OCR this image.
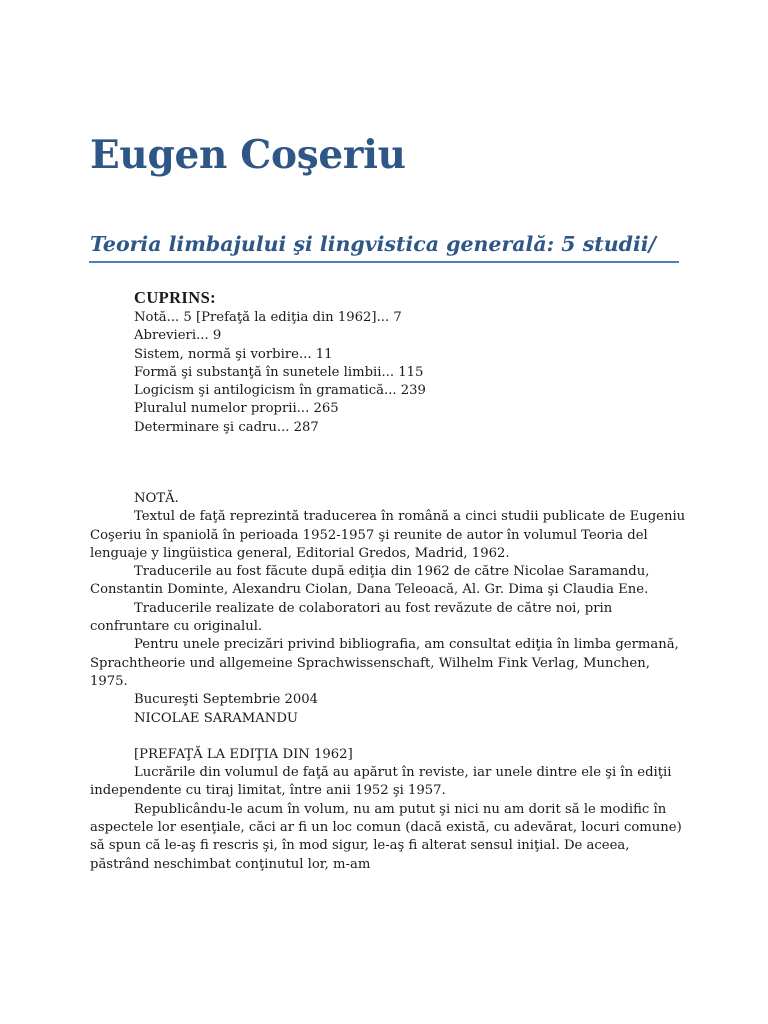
Eugen Coşeriu
Teoria limbajului şi lingvistica generală: 5 studii/
CUPRINS:
Notă... 5 [Prefaţă la ediţia din 1962]... 7
Abrevieri... 9
Sistem, normă şi vorbire... 11
Formă şi substanţă în sunetele limbii... 115
Logicism şi antilogicism în gramatică... 239
Pluralul numelor proprii... 265
Determinare şi cadru... 287

NOTĂ.

Textul de faţă reprezintă traducerea în română a cinci studii publicate de Eugeniu Coşeriu în spaniolă în perioada 1952-1957 şi reunite de autor în volumul Teoria del lenguaje y lingüistica general, Editorial Gredos, Madrid, 1962.

Traducerile au fost făcute după ediţia din 1962 de către Nicolae Saramandu, Constantin Dominte, Alexandru Ciolan, Dana Teleoacă, Al. Gr. Dima şi Claudia Ene.

Traducerile realizate de colaboratori au fost revăzute de către noi, prin confruntare cu originalul.

Pentru unele precizări privind bibliografia, am consultat ediţia în limba germană, Sprachtheorie und allgemeine Sprachwissenschaft, Wilhelm Fink Verlag, Munchen, 1975.

Bucureşti Septembrie 2004

NICOLAE SARAMANDU

[PREFAŢĂ LA EDIŢIA DIN 1962]

Lucrările din volumul de faţă au apărut în reviste, iar unele dintre ele şi în ediţii independente cu tiraj limitat, între anii 1952 şi 1957.

Republicându-le acum în volum, nu am putut şi nici nu am dorit să le modific în aspectele lor esenţiale, căci ar fi un loc comun (dacă există, cu adevărat, locuri comune) să spun că le-aş fi rescris şi, în mod sigur, le-aş fi alterat sensul iniţial. De aceea, păstrând neschimbat conţinutul lor, m-am
